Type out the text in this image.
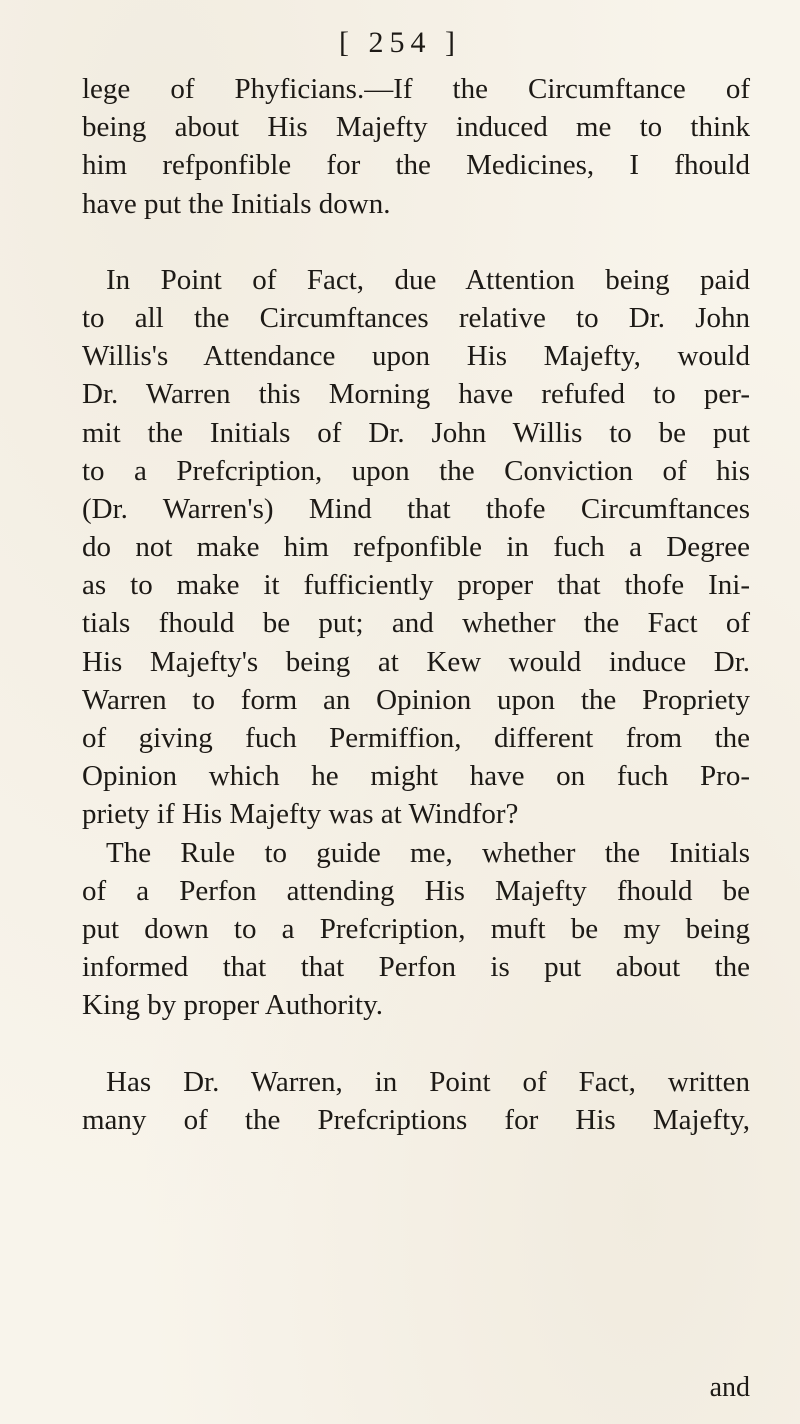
[ 254 ]
lege of Phyficians.—If the Circumftance of
being about His Majefty induced me to think
him refponfible for the Medicines, I fhould
have put the Initials down.
In Point of Fact, due Attention being paid
to all the Circumftances relative to Dr. John
Willis's Attendance upon His Majefty, would
Dr. Warren this Morning have refufed to per-
mit the Initials of Dr. John Willis to be put
to a Prefcription, upon the Conviction of his
(Dr. Warren's) Mind that thofe Circumftances
do not make him refponfible in fuch a Degree
as to make it fufficiently proper that thofe Ini-
tials fhould be put; and whether the Fact of
His Majefty's being at Kew would induce Dr.
Warren to form an Opinion upon the Propriety
of giving fuch Permiffion, different from the
Opinion which he might have on fuch Pro-
priety if His Majefty was at Windfor?
The Rule to guide me, whether the Initials
of a Perfon attending His Majefty fhould be
put down to a Prefcription, muft be my being
informed that that Perfon is put about the
King by proper Authority.
Has Dr. Warren, in Point of Fact, written
many of the Prefcriptions for His Majefty,
and
